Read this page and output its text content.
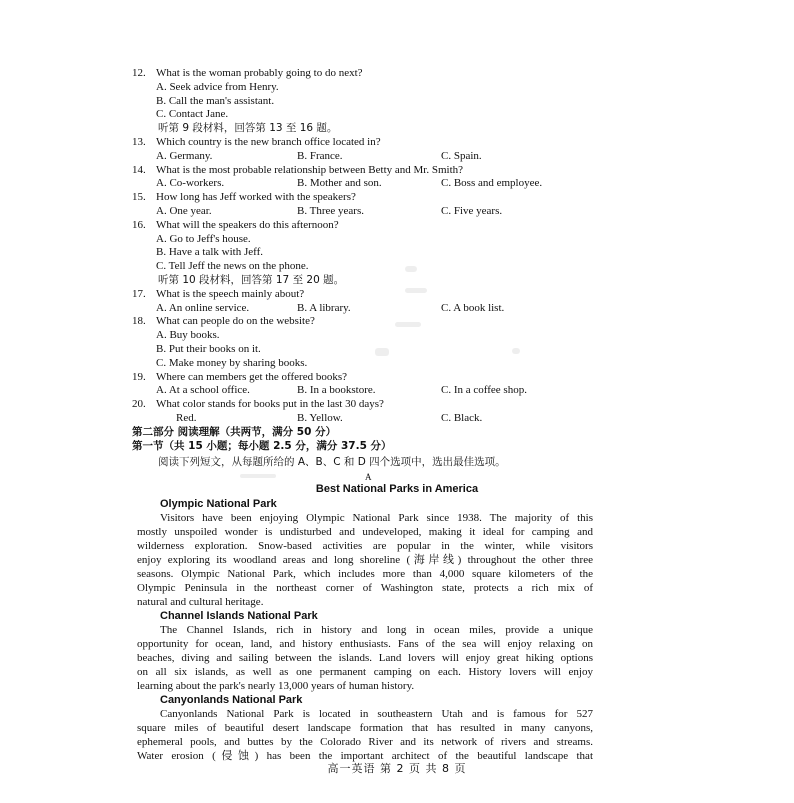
12. What is the woman probably going to do next?
A. Seek advice from Henry.
B. Call the man's assistant.
C. Contact Jane.
听第 9 段材料，回答第 13 至 16 题。
13. Which country is the new branch office located in?
A. Germany.	B. France.	C. Spain.
14. What is the most probable relationship between Betty and Mr. Smith?
A. Co-workers.	B. Mother and son.	C. Boss and employee.
15. How long has Jeff worked with the speakers?
A. One year.	B. Three years.	C. Five years.
16. What will the speakers do this afternoon?
A. Go to Jeff's house.
B. Have a talk with Jeff.
C. Tell Jeff the news on the phone.
听第 10 段材料，回答第 17 至 20 题。
17. What is the speech mainly about?
A. An online service.	B. A library.	C. A book list.
18. What can people do on the website?
A. Buy books.
B. Put their books on it.
C. Make money by sharing books.
19. Where can members get the offered books?
A. At a school office.	B. In a bookstore.	C. In a coffee shop.
20. What color stands for books put in the last 30 days?
Red.	B. Yellow.	C. Black.
第二部分 阅读理解（共两节，满分 50 分）
第一节（共 15 小题；每小题 2.5 分，满分 37.5 分）
阅读下列短文，从每题所给的 A、B、C 和 D 四个选项中，选出最佳选项。
A
Best National Parks in America
Olympic National Park
Visitors have been enjoying Olympic National Park since 1938. The majority of this
mostly unspoiled wonder is undisturbed and undeveloped, making it ideal for camping and
wilderness exploration. Snow-based activities are popular in the winter, while visitors
enjoy exploring its woodland areas and long shoreline (海岸线) throughout the other three
seasons. Olympic National Park, which includes more than 4,000 square kilometers of the
Olympic Peninsula in the northeast corner of Washington state, protects a rich mix of
natural and cultural heritage.
Channel Islands National Park
The Channel Islands, rich in history and long in ocean miles, provide a unique
opportunity for ocean, land, and history enthusiasts. Fans of the sea will enjoy relaxing on
beaches, diving and sailing between the islands. Land lovers will enjoy great hiking options
on all six islands, as well as one permanent camping on each. History lovers will enjoy
learning about the park's nearly 13,000 years of human history.
Canyonlands National Park
Canyonlands National Park is located in southeastern Utah and is famous for 527
square miles of beautiful desert landscape formation that has resulted in many canyons,
ephemeral pools, and buttes by the Colorado River and its network of rivers and streams.
Water erosion (侵蚀) has been the important architect of the beautiful landscape that
高一英语 第 2 页 共 8 页
